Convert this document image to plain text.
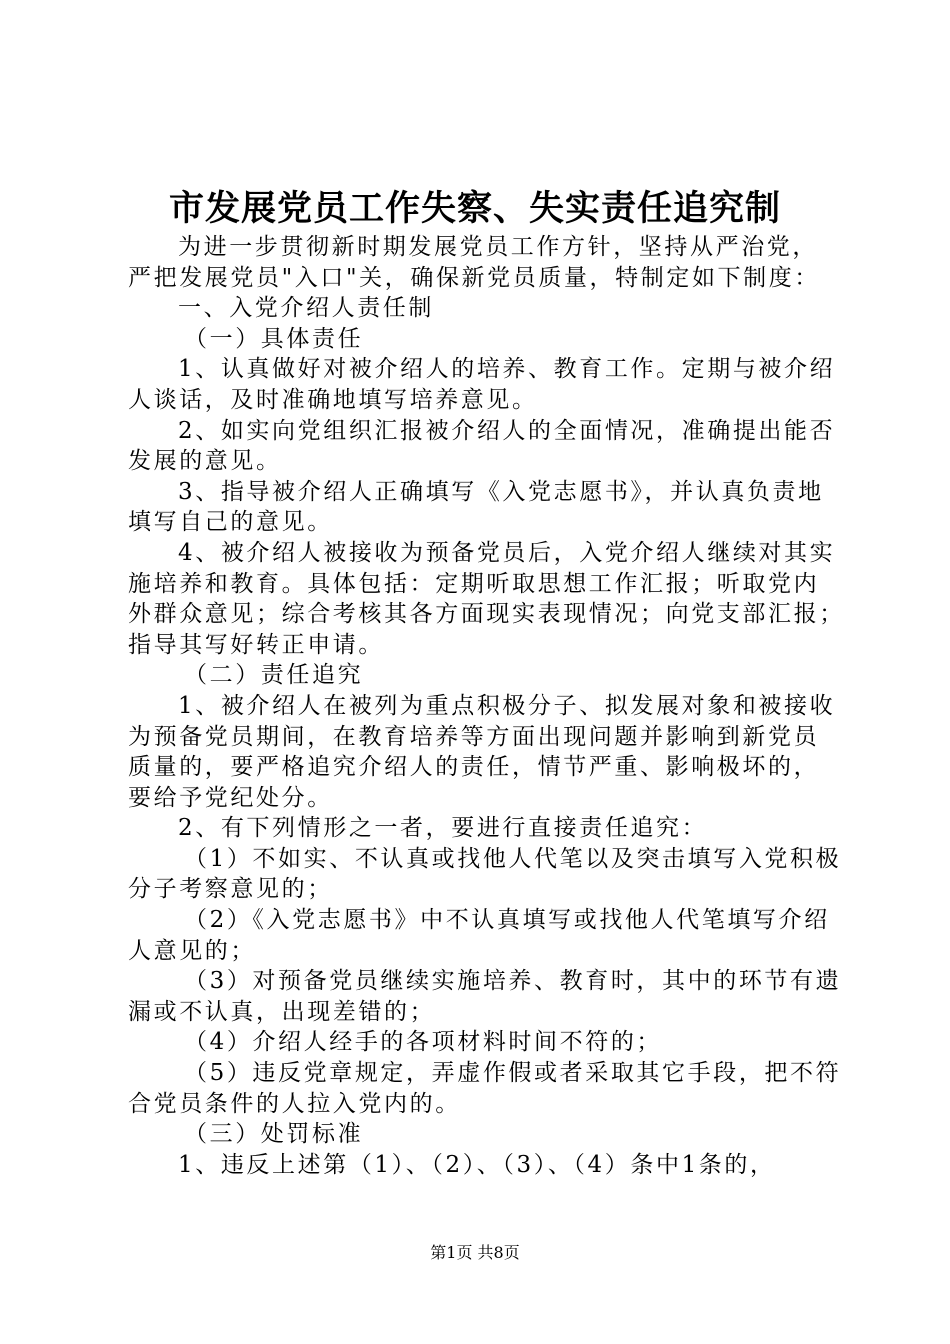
市发展党员工作失察、失实责任追究制
为进一步贯彻新时期发展党员工作方针，坚持从严治党，
严把发展党员"入口"关，确保新党员质量，特制定如下制度：
一、入党介绍人责任制
（一）具体责任
1、认真做好对被介绍人的培养、教育工作。定期与被介绍
人谈话，及时准确地填写培养意见。
2、如实向党组织汇报被介绍人的全面情况，准确提出能否
发展的意见。
3、指导被介绍人正确填写《入党志愿书》，并认真负责地
填写自己的意见。
4、被介绍人被接收为预备党员后，入党介绍人继续对其实
施培养和教育。具体包括：定期听取思想工作汇报；听取党内
外群众意见；综合考核其各方面现实表现情况；向党支部汇报；
指导其写好转正申请。
（二）责任追究
1、被介绍人在被列为重点积极分子、拟发展对象和被接收
为预备党员期间，在教育培养等方面出现问题并影响到新党员
质量的，要严格追究介绍人的责任，情节严重、影响极坏的，
要给予党纪处分。
2、有下列情形之一者，要进行直接责任追究：
（1）不如实、不认真或找他人代笔以及突击填写入党积极
分子考察意见的；
（2）《入党志愿书》中不认真填写或找他人代笔填写介绍
人意见的；
（3）对预备党员继续实施培养、教育时，其中的环节有遗
漏或不认真，出现差错的；
（4）介绍人经手的各项材料时间不符的；
（5）违反党章规定，弄虚作假或者采取其它手段，把不符
合党员条件的人拉入党内的。
（三）处罚标准
1、违反上述第（1）、（2）、（3）、（4）条中1条的，
第1页 共8页
